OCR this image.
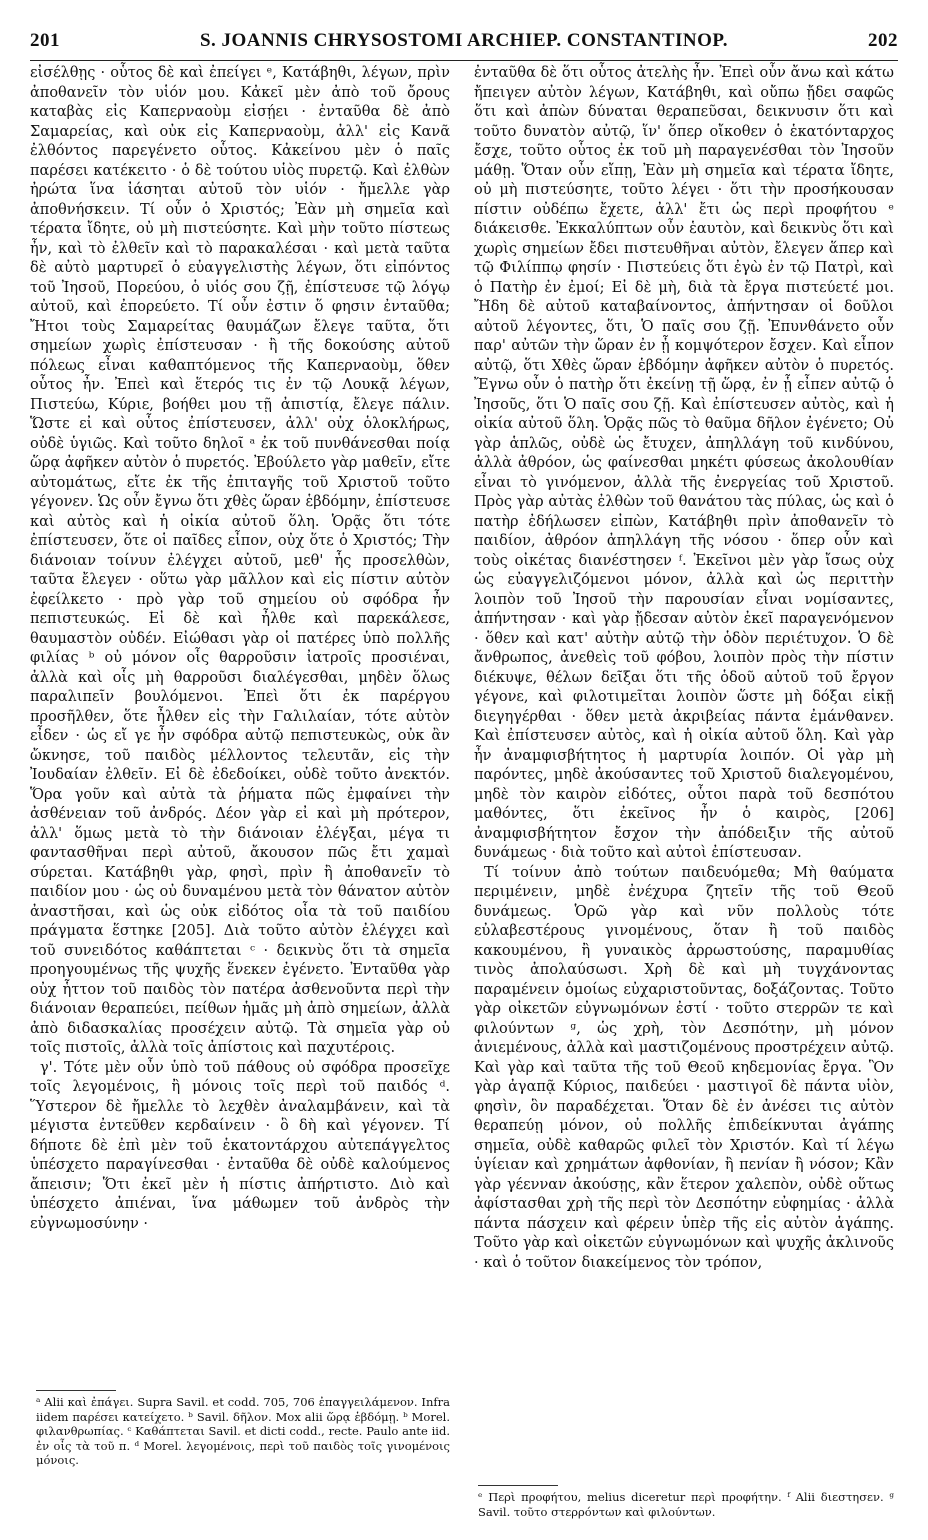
201	S. JOANNIS CHRYSOSTOMI ARCHIEP. CONSTANTINOP.	202

εἰσέλθῃς · οὗτος δὲ καὶ ἐπείγει ᵉ, Κατάβηθι, λέγων, πρὶν ἀποθανεῖν τὸν υἱόν μου. Κἀκεῖ μὲν ἀπὸ τοῦ ὄρους καταβὰς εἰς Καπερναοὺμ εἰσῄει · ἐνταῦθα δὲ ἀπὸ Σαμαρείας, καὶ οὐκ εἰς Καπερναοὺμ, ἀλλ' εἰς Κανᾶ ἐλθόντος παρεγένετο οὗτος. Κἀκείνου μὲν ὁ παῖς παρέσει κατέκειτο · ὁ δὲ τούτου υἱὸς πυρετῷ. Καὶ ἐλθὼν ἠρώτα ἵνα ἰάσηται αὐτοῦ τὸν υἱόν · ἤμελλε γὰρ ἀποθνήσκειν. Τί οὖν ὁ Χριστός; Ἐὰν μὴ σημεῖα καὶ τέρατα ἴδητε, οὐ μὴ πιστεύσητε. Καὶ μὴν τοῦτο πίστεως ἦν, καὶ τὸ ἐλθεῖν καὶ τὸ παρακαλέσαι · καὶ μετὰ ταῦτα δὲ αὐτὸ μαρτυρεῖ ὁ εὐαγγελιστὴς λέγων, ὅτι εἰπόντος τοῦ Ἰησοῦ, Πορεύου, ὁ υἱός σου ζῇ, ἐπίστευσε τῷ λόγῳ αὐτοῦ, καὶ ἐπορεύετο. Τί οὖν ἐστιν ὅ φησιν ἐνταῦθα; Ἤτοι τοὺς Σαμαρείτας θαυμάζων ἔλεγε ταῦτα, ὅτι σημείων χωρὶς ἐπίστευσαν · ἢ τῆς δοκούσης αὐτοῦ πόλεως εἶναι καθαπτόμενος τῆς Καπερναοὺμ, ὅθεν οὗτος ἦν. Ἐπεὶ καὶ ἕτερός τις ἐν τῷ Λουκᾷ λέγων, Πιστεύω, Κύριε, βοήθει μου τῇ ἀπιστίᾳ, ἔλεγε πάλιν. Ὥστε εἰ καὶ οὗτος ἐπίστευσεν, ἀλλ' οὐχ ὁλοκλήρως, οὐδὲ ὑγιῶς. Καὶ τοῦτο δηλοῖ ᵃ ἐκ τοῦ πυνθάνεσθαι ποίᾳ ὥρᾳ ἀφῆκεν αὐτὸν ὁ πυρετός. Ἐβούλετο γὰρ μαθεῖν, εἴτε αὐτομάτως, εἴτε ἐκ τῆς ἐπιταγῆς τοῦ Χριστοῦ τοῦτο γέγονεν. Ὡς οὖν ἔγνω ὅτι χθὲς ὥραν ἑβδόμην, ἐπίστευσε καὶ αὐτὸς καὶ ἡ οἰκία αὐτοῦ ὅλη. Ὁρᾷς ὅτι τότε ἐπίστευσεν, ὅτε οἱ παῖδες εἶπον, οὐχ ὅτε ὁ Χριστός; Τὴν διάνοιαν τοίνυν ἐλέγχει αὐτοῦ, μεθ' ἧς προσελθὼν, ταῦτα ἔλεγεν · οὕτω γὰρ μᾶλλον καὶ εἰς πίστιν αὐτὸν ἐφείλκετο · πρὸ γὰρ τοῦ σημείου οὐ σφόδρα ἦν πεπιστευκώς. Εἰ δὲ καὶ ἦλθε καὶ παρεκάλεσε, θαυμαστὸν οὐδέν. Εἰώθασι γὰρ οἱ πατέρες ὑπὸ πολλῆς φιλίας ᵇ οὐ μόνον οἷς θαρρoῦσιν ἰατροῖς προσιέναι, ἀλλὰ καὶ οἷς μὴ θαρροῦσι διαλέγεσθαι, μηδὲν ὅλως παραλιπεῖν βουλόμενοι. Ἐπεὶ ὅτι ἐκ παρέργου προσῆλθεν, ὅτε ἦλθεν εἰς τὴν Γαλιλαίαν, τότε αὐτὸν εἶδεν · ὡς εἴ γε ἦν σφόδρα αὐτῷ πεπιστευκὼς, οὐκ ἂν ὤκνησε, τοῦ παιδὸς μέλλοντος τελευτᾶν, εἰς τὴν Ἰουδαίαν ἐλθεῖν. Εἰ δὲ ἐδεδοίκει, οὐδὲ τοῦτο ἀνεκτόν. Ὅρα γοῦν καὶ αὐτὰ τὰ ῥήματα πῶς ἐμφαίνει τὴν ἀσθένειαν τοῦ ἀνδρός. Δέον γὰρ εἰ καὶ μὴ πρότερον, ἀλλ' ὅμως μετὰ τὸ τὴν διάνοιαν ἐλέγξαι, μέγα τι φαντασθῆναι περὶ αὐτοῦ, ἄκουσον πῶς ἔτι χαμαὶ σύρεται. Κατάβηθι γὰρ, φησὶ, πρὶν ἢ ἀποθανεῖν τὸ παιδίον μου · ὡς οὐ δυναμένου μετὰ τὸν θάνατον αὐτὸν ἀναστῆσαι, καὶ ὡς οὐκ εἰδότος οἷα τὰ τοῦ παιδίου πράγματα ἕστηκε [205]. Διὰ τοῦτο αὐτὸν ἐλέγχει καὶ τοῦ συνειδότος καθάπτεται ᶜ · δεικνὺς ὅτι τὰ σημεῖα προηγουμένως τῆς ψυχῆς ἕνεκεν ἐγένετο. Ἐνταῦθα γὰρ οὐχ ἧττον τοῦ παιδὸς τὸν πατέρα ἀσθενοῦντα περὶ τὴν διάνοιαν θεραπεύει, πείθων ἡμᾶς μὴ ἀπὸ σημείων, ἀλλὰ ἀπὸ διδασκαλίας προσέχειν αὐτῷ. Τὰ σημεῖα γὰρ οὐ τοῖς πιστοῖς, ἀλλὰ τοῖς ἀπίστοις καὶ παχυτέροις.

γ'. Τότε μὲν οὖν ὑπὸ τοῦ πάθους οὐ σφόδρα προσεῖχε τοῖς λεγομένοις, ἢ μόνοις τοῖς περὶ τοῦ παιδός ᵈ. Ὕστερον δὲ ἤμελλε τὸ λεχθὲν ἀναλαμβάνειν, καὶ τὰ μέγιστα ἐντεῦθεν κερδαίνειν · ὃ δὴ καὶ γέγονεν. Τί δήποτε δὲ ἐπὶ μὲν τοῦ ἑκατοντάρχου αὐτεπάγγελτος ὑπέσχετο παραγίνεσθαι · ἐνταῦθα δὲ οὐδὲ καλούμενος ἄπεισιν; Ὅτι ἐκεῖ μὲν ἡ πίστις ἀπήρτιστο. Διὸ καὶ ὑπέσχετο ἀπιέναι, ἵνα μάθωμεν τοῦ ἀνδρὸς τὴν εὐγνωμοσύνην ·

ἐνταῦθα δὲ ὅτι οὗτος ἀτελὴς ἦν. Ἐπεὶ οὖν ἄνω καὶ κάτω ἤπειγεν αὐτὸν λέγων, Κατάβηθι, καὶ οὔπω ᾔδει σαφῶς ὅτι καὶ ἀπὼν δύναται θεραπεῦσαι, δεικνυσιν ὅτι καὶ τοῦτο δυνατὸν αὐτῷ, ἵν' ὅπερ οἴκοθεν ὁ ἑκατόνταρχος ἔσχε, τοῦτο οὗτος ἐκ τοῦ μὴ παραγενέσθαι τὸν Ἰησοῦν μάθῃ. Ὅταν οὖν εἴπῃ, Ἐὰν μὴ σημεῖα καὶ τέρατα ἴδητε, οὐ μὴ πιστεύσητε, τοῦτο λέγει · ὅτι τὴν προσήκουσαν πίστιν οὐδέπω ἔχετε, ἀλλ' ἔτι ὡς περὶ προφήτου ᵉ διάκεισθε. Ἐκκαλύπτων οὖν ἑαυτὸν, καὶ δεικνὺς ὅτι καὶ χωρὶς σημείων ἔδει πιστευθῆναι αὐτὸν, ἔλεγεν ἅπερ καὶ τῷ Φιλίππῳ φησίν · Πιστεύεις ὅτι ἐγὼ ἐν τῷ Πατρὶ, καὶ ὁ Πατὴρ ἐν ἐμοί; Εἰ δὲ μὴ, διὰ τὰ ἔργα πιστεύετέ μοι. Ἤδη δὲ αὐτοῦ καταβαίνοντος, ἀπήντησαν οἱ δοῦλοι αὐτοῦ λέγοντες, ὅτι, Ὁ παῖς σου ζῇ. Ἐπυνθάνετο οὖν παρ' αὐτῶν τὴν ὥραν ἐν ᾗ κομψότερον ἔσχεν. Καὶ εἶπον αὐτῷ, ὅτι Χθὲς ὥραν ἑβδόμην ἀφῆκεν αὐτὸν ὁ πυρετός. Ἔγνω οὖν ὁ πατὴρ ὅτι ἐκείνῃ τῇ ὥρᾳ, ἐν ᾗ εἶπεν αὐτῷ ὁ Ἰησοῦς, ὅτι Ὁ παῖς σου ζῇ. Καὶ ἐπίστευσεν αὐτὸς, καὶ ἡ οἰκία αὐτοῦ ὅλη. Ὁρᾷς πῶς τὸ θαῦμα δῆλον ἐγένετο; Οὐ γὰρ ἁπλῶς, οὐδὲ ὡς ἔτυχεν, ἀπηλλάγη τοῦ κινδύνου, ἀλλὰ ἀθρόον, ὡς φαίνεσθαι μηκέτι φύσεως ἀκολουθίαν εἶναι τὸ γινόμενον, ἀλλὰ τῆς ἐνεργείας τοῦ Χριστοῦ. Πρὸς γὰρ αὐτὰς ἐλθὼν τοῦ θανάτου τὰς πύλας, ὡς καὶ ὁ πατὴρ ἐδήλωσεν εἰπὼν, Κατάβηθι πρὶν ἀποθανεῖν τὸ παιδίον, ἀθρόον ἀπηλλάγη τῆς νόσου · ὅπερ οὖν καὶ τοὺς οἰκέτας διανέστησεν ᶠ. Ἐκεῖνοι μὲν γὰρ ἴσως οὐχ ὡς εὐαγγελιζόμενοι μόνον, ἀλλὰ καὶ ὡς περιττὴν λοιπὸν τοῦ Ἰησοῦ τὴν παρουσίαν εἶναι νομίσαντες, ἀπήντησαν · καὶ γὰρ ᾔδεσαν αὐτὸν ἐκεῖ παραγενόμενον · ὅθεν καὶ κατ' αὐτὴν αὐτῷ τὴν ὁδὸν περιέτυχον. Ὁ δὲ ἄνθρωπος, ἀνεθεὶς τοῦ φόβου, λοιπὸν πρὸς τὴν πίστιν διέκυψε, θέλων δεῖξαι ὅτι τῆς ὁδοῦ αὐτοῦ τοῦ ἔργον γέγονε, καὶ φιλοτιμεῖται λοιπὸν ὥστε μὴ δόξαι εἰκῇ διεγηγέρθαι · ὅθεν μετὰ ἀκριβείας πάντα ἐμάνθανεν. Καὶ ἐπίστευσεν αὐτὸς, καὶ ἡ οἰκία αὐτοῦ ὅλη. Καὶ γὰρ ἦν ἀναμφισβήτητος ἡ μαρτυρία λοιπόν. Οἱ γὰρ μὴ παρόντες, μηδὲ ἀκούσαντες τοῦ Χριστοῦ διαλεγομένου, μηδὲ τὸν καιρὸν εἰδότες, οὗτοι παρὰ τοῦ δεσπότου μαθόντες, ὅτι ἐκεῖνος ἦν ὁ καιρὸς, [206] ἀναμφισβήτητον ἔσχον τὴν ἀπόδειξιν τῆς αὐτοῦ δυνάμεως · διὰ τοῦτο καὶ αὐτοὶ ἐπίστευσαν.

Τί τοίνυν ἀπὸ τούτων παιδευόμεθα; Μὴ θαύματα περιμένειν, μηδὲ ἐνέχυρα ζητεῖν τῆς τοῦ Θεοῦ δυνάμεως. Ὁρῶ γὰρ καὶ νῦν πολλοὺς τότε εὐλαβεστέρους γινομένους, ὅταν ἢ τοῦ παιδὸς κακουμένου, ἢ γυναικὸς ἀρρωστούσης, παραμυθίας τινὸς ἀπολαύσωσι. Χρὴ δὲ καὶ μὴ τυγχάνοντας παραμένειν ὁμοίως εὐχαριστοῦντας, δοξάζοντας. Τοῦτο γὰρ οἰκετῶν εὐγνωμόνων ἐστί · τοῦτο στερρῶν τε καὶ φιλούντων ᵍ, ὡς χρὴ, τὸν Δεσπότην, μὴ μόνον ἀνιεμένους, ἀλλὰ καὶ μαστιζομένους προστρέχειν αὐτῷ. Καὶ γὰρ καὶ ταῦτα τῆς τοῦ Θεοῦ κηδεμονίας ἔργα. Ὃν γὰρ ἀγαπᾷ Κύριος, παιδεύει · μαστιγοῖ δὲ πάντα υἱὸν, φησὶν, ὃν παραδέχεται. Ὅταν δὲ ἐν ἀνέσει τις αὐτὸν θεραπεύῃ μόνον, οὐ πολλῆς ἐπιδείκνυται ἀγάπης σημεῖα, οὐδὲ καθαρῶς φιλεῖ τὸν Χριστόν. Καὶ τί λέγω ὑγίειαν καὶ χρημάτων ἀφθονίαν, ἢ πενίαν ἢ νόσον; Κἂν γὰρ γέενναν ἀκούσῃς, κἂν ἕτερον χαλεπὸν, οὐδὲ οὕτως ἀφίστασθαι χρὴ τῆς περὶ τὸν Δεσπότην εὐφημίας · ἀλλὰ πάντα πάσχειν καὶ φέρειν ὑπὲρ τῆς εἰς αὐτὸν ἀγάπης. Τοῦτο γὰρ καὶ οἰκετῶν εὐγνωμόνων καὶ ψυχῆς ἀκλινοῦς · καὶ ὁ τοῦτον διακείμενος τὸν τρόπον,

ᵃ Alii καὶ ἐπάγει. Supra Savil. et codd. 705, 706 ἐπαγγειλάμενον. Infra iidem παρέσει κατείχετο. ᵇ Savil. δῆλον. Mox alii ὥρᾳ ἑβδόμῃ. ᵇ Morel. φιλανθρωπίας. ᶜ Καθάπτεται Savil. et dicti codd., recte. Paulo ante iid. ἐν οἷς τὰ τοῦ π. ᵈ Morel. λεγομένοις, περὶ τοῦ παιδὸς τοῖς γινομένοις μόνοις.
ᵉ Περὶ προφήτου, melius diceretur περὶ προφήτην. ᶠ Alii διεστησεν. ᵍ Savil. τοῦτο στερρόντων καὶ φιλούντων.
